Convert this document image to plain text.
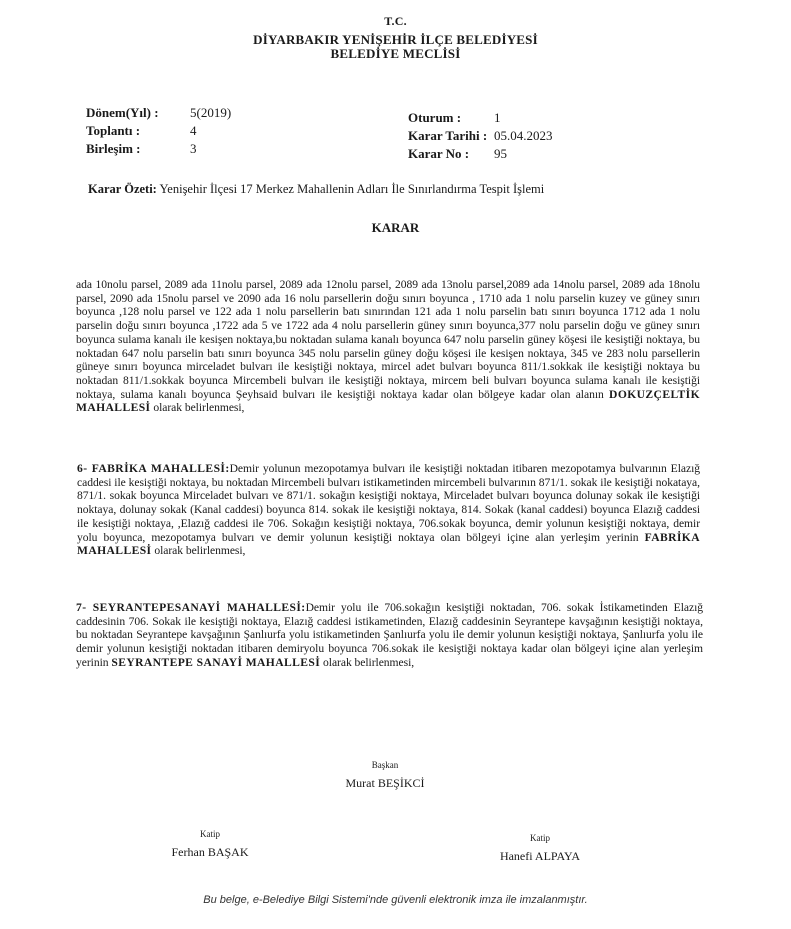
T.C.
DİYARBAKIR YENİŞEHİR İLÇE BELEDİYESİ
BELEDİYE MECLİSİ
Dönem(Yıl) : 5(2019)
Toplantı :	4
Birleşim :	3
Oturum :	1
Karar Tarihi : 05.04.2023
Karar No : 95
Karar Özeti: Yenişehir İlçesi 17 Merkez Mahallenin Adları İle Sınırlandırma Tespit İşlemi
KARAR
ada 10nolu parsel, 2089 ada 11nolu parsel, 2089 ada 12nolu parsel, 2089 ada 13nolu parsel,2089 ada 14nolu parsel, 2089 ada 18nolu parsel, 2090 ada 15nolu parsel ve 2090 ada 16 nolu parsellerin doğu sınırı boyunca , 1710 ada 1 nolu parselin kuzey ve güney sınırı boyunca ,128 nolu parsel ve 122 ada 1 nolu parsellerin batı sınırından 121 ada 1 nolu parselin batı sınırı boyunca 1712 ada 1 nolu parselin doğu sınırı boyunca ,1722 ada 5 ve 1722 ada 4 nolu parsellerin güney sınırı boyunca,377 nolu parselin doğu ve güney sınırı boyunca sulama kanalı ile kesişen noktaya,bu noktadan sulama kanalı boyunca 647 nolu parselin güney köşesi ile kesiştiği noktaya, bu noktadan 647 nolu parselin batı sınırı boyunca 345 nolu parselin güney doğu köşesi ile kesişen noktaya, 345 ve 283 nolu parsellerin güneye sınırı boyunca mirceladet bulvarı ile kesiştiği noktaya, mircel adet bulvarı boyunca 811/1.sokkak ile kesiştiği noktaya bu noktadan 811/1.sokkak boyunca Mircembeli bulvarı ile kesiştiği noktaya, mircem beli bulvarı boyunca sulama kanalı ile kesiştiği noktaya, sulama kanalı boyunca Şeyhsaid bulvarı ile kesiştiği noktaya kadar olan bölgeye kadar olan alanın DOKUZÇELTİK MAHALLESİ olarak belirlenmesi,
6- FABRİKA MAHALLESİ:Demir yolunun mezopotamya bulvarı ile kesiştiği noktadan itibaren mezopotamya bulvarının Elazığ caddesi ile kesiştiği noktaya, bu noktadan Mircembeli bulvarı istikametinden mircembeli bulvarının 871/1. sokak ile kesiştiği nokataya, 871/1. sokak boyunca Mirceladet bulvarı ve 871/1. sokağın kesiştiği noktaya, Mirceladet bulvarı boyunca dolunay sokak ile kesiştiği noktaya, dolunay sokak (Kanal caddesi) boyunca 814. sokak ile kesiştiği noktaya, 814. Sokak (kanal caddesi) boyunca Elazığ caddesi ile kesiştiği noktaya, ,Elazığ caddesi ile 706. Sokağın kesiştiği noktaya, 706.sokak boyunca, demir yolunun kesiştiği noktaya, demir yolu boyunca, mezopotamya bulvarı ve demir yolunun kesiştiği noktaya olan bölgeyi içine alan yerleşim yerinin FABRİKA MAHALLESİ olarak belirlenmesi,
7- SEYRANTEPESANAYİ MAHALLESİ:Demir yolu ile 706.sokağın kesiştiği noktadan, 706. sokak İstikametinden Elazığ caddesinin 706. Sokak ile kesiştiği noktaya, Elazığ caddesi istikametinden, Elazığ caddesinin Seyrantepe kavşağının kesiştiği noktaya, bu noktadan Seyrantepe kavşağının Şanlıurfa yolu istikametinden Şanlıurfa yolu ile demir yolunun kesiştiği noktaya, Şanlıurfa yolu ile demir yolunun kesiştiği noktadan itibaren demiryolu boyunca 706.sokak ile kesiştiği noktaya kadar olan bölgeyi içine alan yerleşim yerinin SEYRANTEPE SANAYİ MAHALLESİ olarak belirlenmesi,
Başkan
Murat BEŞİKCİ
Katip
Ferhan BAŞAK
Katip
Hanefi ALPAYA
Bu belge, e-Belediye Bilgi Sistemi'nde güvenli elektronik imza ile imzalanmıştır.
